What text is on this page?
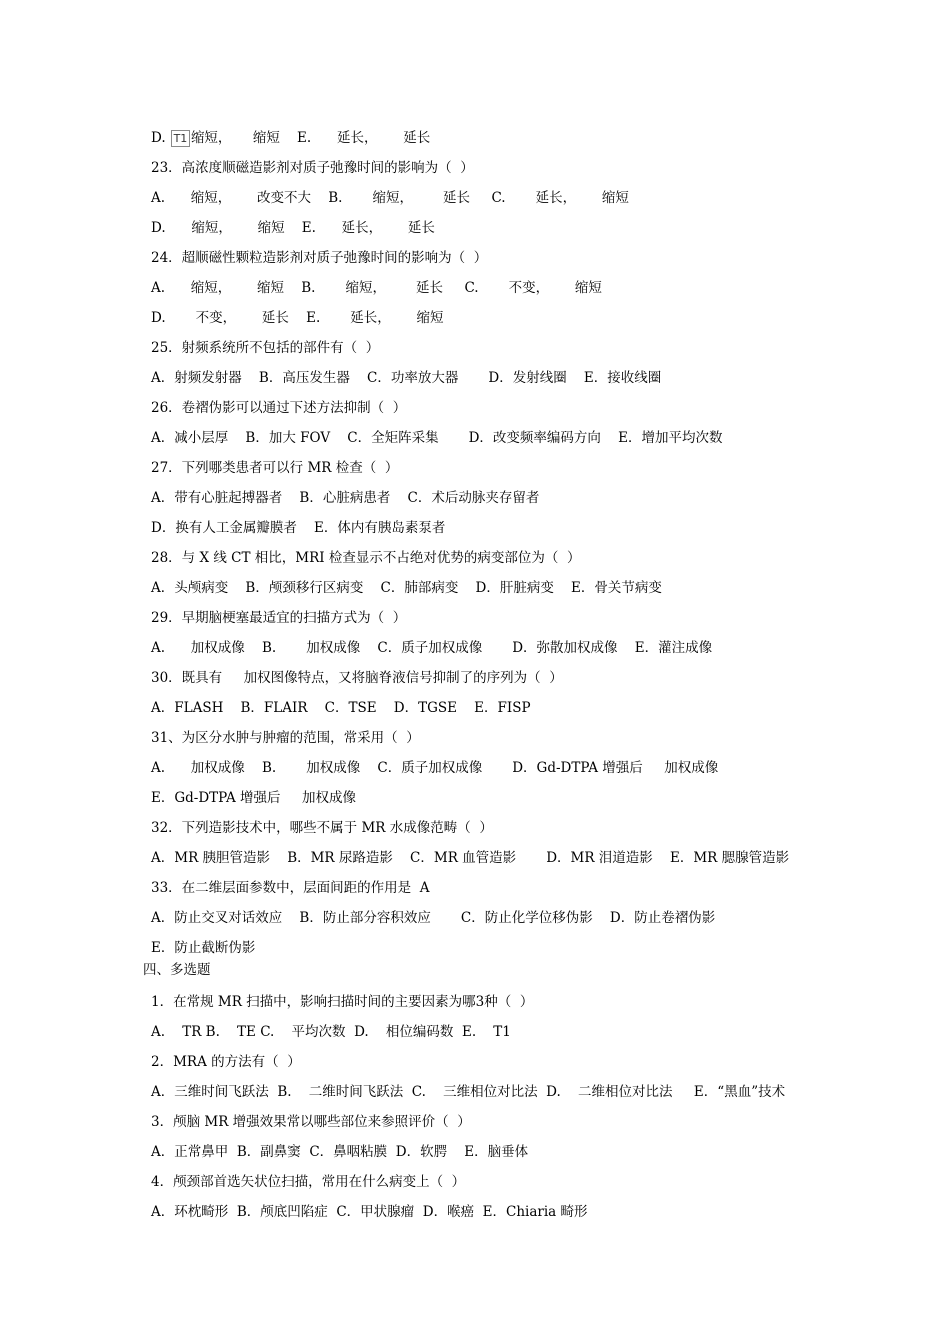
D. T1 缩短，     缩短    E.      延长，      延长
23．高浓度顺磁造影剂对质子弛豫时间的影响为（  ）
A.      缩短，      改变不大    B.       缩短，       延长     C.       延长，      缩短
D.      缩短，      缩短    E.      延长，      延长
24．超顺磁性颗粒造影剂对质子弛豫时间的影响为（  ）
A.      缩短，      缩短    B.       缩短，       延长     C.       不变，      缩短
D.       不变，      延长    E.       延长，      缩短
25．射频系统所不包括的部件有（  ）
A．射频发射器    B．高压发生器    C．功率放大器       D．发射线圈    E．接收线圈
A．减小层厚    B．加大 FOV    C．全矩阵采集       D．改变频率编码方向    E．增加平均次数
26．卷褶伪影可以通过下述方法抑制（  ）
27．下列哪类患者可以行 MR 检查（  ）
A．带有心脏起搏器者    B．心脏病患者    C．术后动脉夹存留者
D．换有人工金属瓣膜者    E．体内有胰岛素泵者
28．与 X 线 CT 相比，MRI 检查显示不占绝对优势的病变部位为（  ）
A．头颅病变    B．颅颈移行区病变    C．肺部病变    D．肝脏病变    E．骨关节病变
29．早期脑梗塞最适宜的扫描方式为（  ）
A.      加权成像    B.       加权成像    C．质子加权成像       D．弥散加权成像    E．灌注成像
30．既具有     加权图像特点，又将脑脊液信号抑制了的序列为（  ）
A．FLASH    B．FLAIR    C．TSE    D．TGSE    E．FISP
31、为区分水肿与肿瘤的范围，常采用（  ）
A.      加权成像    B.       加权成像    C．质子加权成像       D．Gd-DTPA 增强后     加权成像
E．Gd-DTPA 增强后     加权成像
32．下列造影技术中，哪些不属于 MR 水成像范畴（  ）
A．MR 胰胆管造影    B．MR 尿路造影    C．MR 血管造影       D．MR 泪道造影    E．MR 腮腺管造影
33．在二维层面参数中，层面间距的作用是  A
A．防止交叉对话效应    B．防止部分容积效应       C．防止化学位移伪影    D．防止卷褶伪影
E．防止截断伪影
1．在常规 MR 扫描中，影响扫描时间的主要因素为哪3种（  ）
A.    TR B.    TE C.    平均次数  D.    相位编码数  E.    T1
2．MRA 的方法有（  ）
A．三维时间飞跃法  B.    二维时间飞跃法  C.    三维相位对比法  D.    二维相位对比法     E．“黑血”技术
3．颅脑 MR 增强效果常以哪些部位来参照评价（  ）
A．正常鼻甲  B．副鼻窦  C．鼻咽粘膜  D．软腭    E．脑垂体
4．颅颈部首选矢状位扫描，常用在什么病变上（  ）
A．环枕畸形  B．颅底凹陷症  C．甲状腺瘤  D．喉癌  E．Chiaria 畸形
四、多选题
